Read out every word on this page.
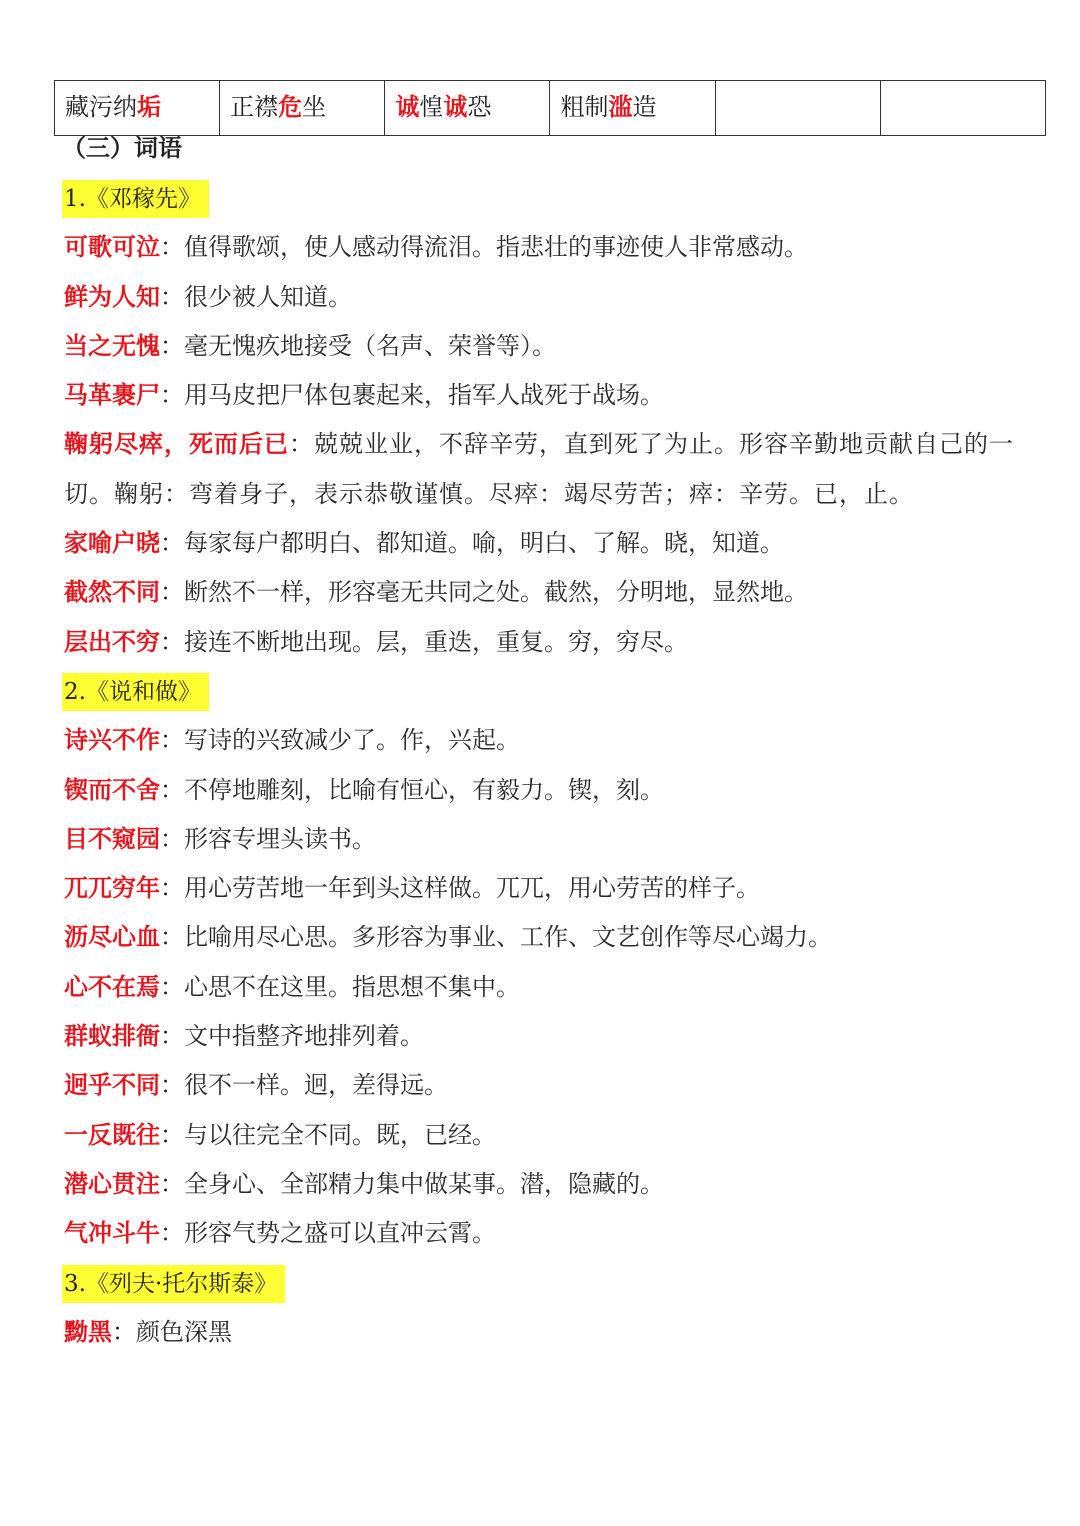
藏污纳垢	正襟危坐	诚惶诚恐	粗制滥造		
（三）词语
1.《邓稼先》
可歌可泣：值得歌颂，使人感动得流泪。指悲壮的事迹使人非常感动。
鲜为人知：很少被人知道。
当之无愧：毫无愧疚地接受（名声、荣誉等）。
马革裹尸：用马皮把尸体包裹起来，指军人战死于战场。
鞠躬尽瘁，死而后已：兢兢业业，不辞辛劳，直到死了为止。形容辛勤地贡献自己的一切。鞠躬：弯着身子，表示恭敬谨慎。尽瘁：竭尽劳苦；瘁：辛劳。已，止。
家喻户晓：每家每户都明白、都知道。喻，明白、了解。晓，知道。
截然不同：断然不一样，形容毫无共同之处。截然，分明地，显然地。
层出不穷：接连不断地出现。层，重迭，重复。穷，穷尽。
2.《说和做》
诗兴不作：写诗的兴致减少了。作，兴起。
锲而不舍：不停地雕刻，比喻有恒心，有毅力。锲，刻。
目不窥园：形容专埋头读书。
兀兀穷年：用心劳苦地一年到头这样做。兀兀，用心劳苦的样子。
沥尽心血：比喻用尽心思。多形容为事业、工作、文艺创作等尽心竭力。
心不在焉：心思不在这里。指思想不集中。
群蚁排衙：文中指整齐地排列着。
迥乎不同：很不一样。迥，差得远。
一反既往：与以往完全不同。既，已经。
潜心贯注：全身心、全部精力集中做某事。潜，隐藏的。
气冲斗牛：形容气势之盛可以直冲云霄。
3.《列夫·托尔斯泰》
黝黑：颜色深黑
